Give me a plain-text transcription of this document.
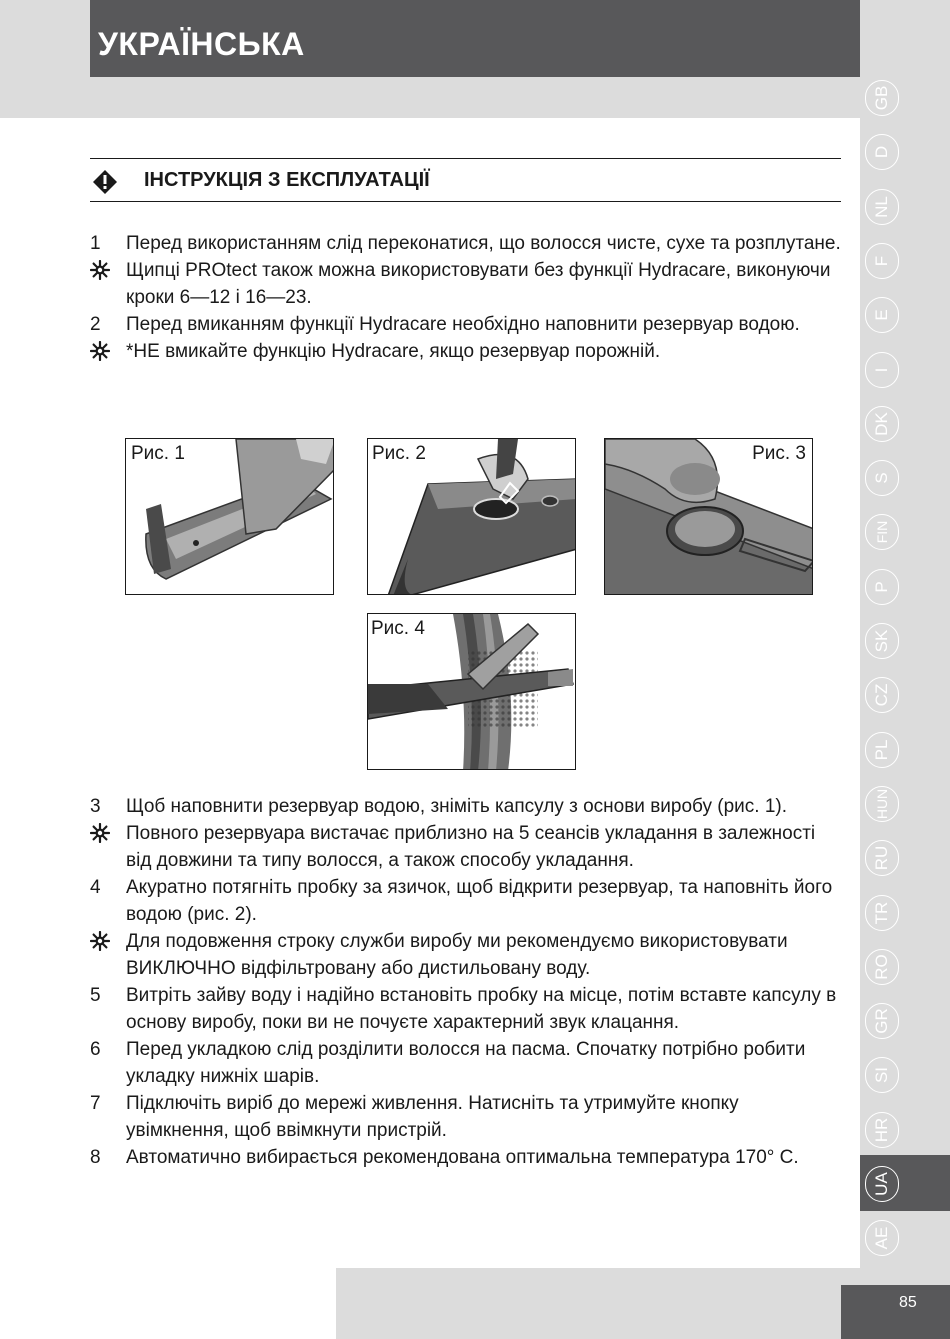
УКРАЇНСЬКА
GB
D
NL
F
E
I
DK
S
FIN
P
SK
CZ
PL
HUN
RU
TR
RO
GR
SI
HR
UA
AE
85
ІНСТРУКЦІЯ З ЕКСПЛУАТАЦІЇ
1 Перед використанням слід переконатися, що волосся чисте, сухе та розплутане.
Щипці PROtect також можна використовувати без функції Hydracare, виконуючи кроки 6—12 і 16—23.
2 Перед вмиканням функції Hydracare необхідно наповнити резервуар водою.
*НЕ вмикайте функцію Hydracare, якщо резервуар порожній.
Рис. 1	Рис. 2	Рис. 3
Рис. 4
3 Щоб наповнити резервуар водою, зніміть капсулу з основи виробу (рис. 1).
Повного резервуара вистачає приблизно на 5 сеансів укладання в залежності від довжини та типу волосся, а також способу укладання.
4 Акуратно потягніть пробку за язичок, щоб відкрити резервуар, та наповніть його водою (рис. 2).
Для подовження строку служби виробу ми рекомендуємо використовувати ВИКЛЮЧНО відфільтровану або дистильовану воду.
5 Витріть зайву воду і надійно встановіть пробку на місце, потім вставте капсулу в основу виробу, поки ви не почуєте характерний звук клацання.
6 Перед укладкою слід розділити волосся на пасма. Спочатку потрібно робити укладку нижніх шарів.
7 Підключіть виріб до мережі живлення. Натисніть та утримуйте кнопку увімкнення, щоб ввімкнути пристрій.
8 Автоматично вибирається рекомендована оптимальна температура 170° C.
